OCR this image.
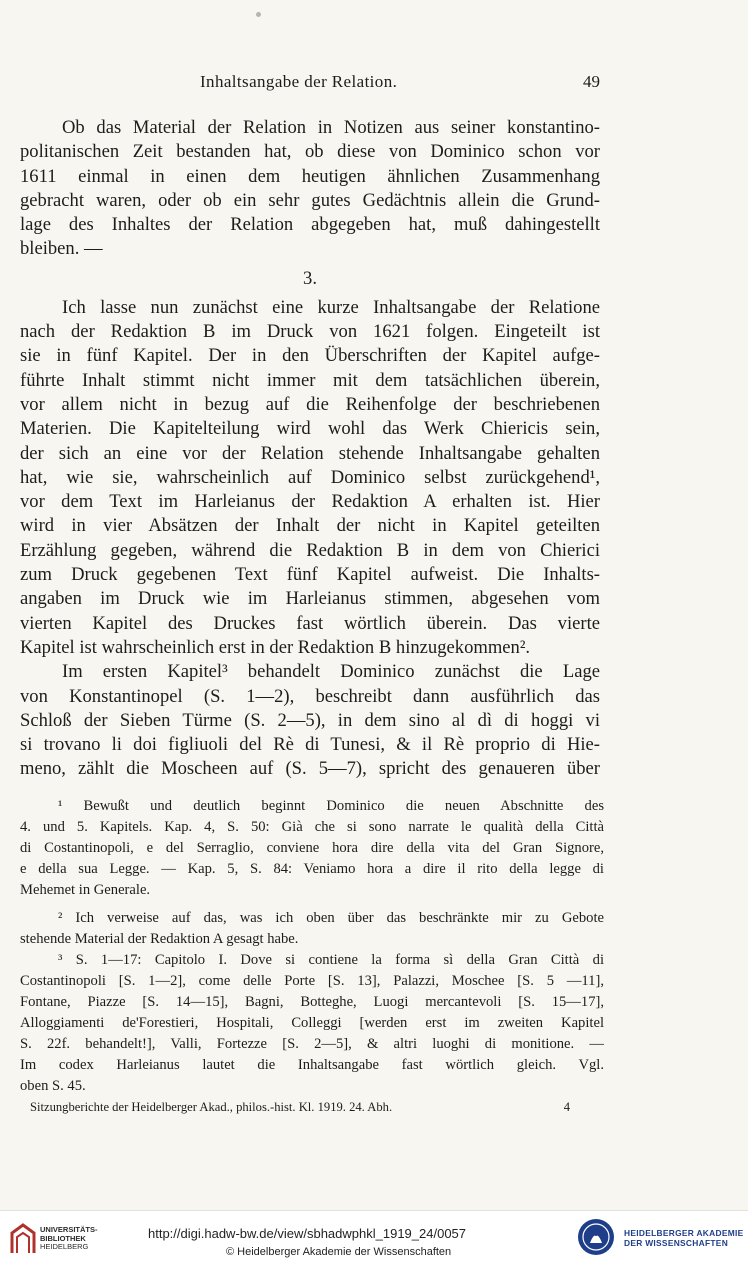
Inhaltsangabe der Relation.	49
Ob das Material der Relation in Notizen aus seiner konstantino-
politanischen Zeit bestanden hat, ob diese von Dominico schon vor
1611 einmal in einen dem heutigen ähnlichen Zusammenhang
gebracht waren, oder ob ein sehr gutes Gedächtnis allein die Grund-
lage des Inhaltes der Relation abgegeben hat, muß dahingestellt
bleiben. —
3.
Ich lasse nun zunächst eine kurze Inhaltsangabe der Relatione
nach der Redaktion B im Druck von 1621 folgen. Eingeteilt ist
sie in fünf Kapitel. Der in den Überschriften der Kapitel aufge-
führte Inhalt stimmt nicht immer mit dem tatsächlichen überein,
vor allem nicht in bezug auf die Reihenfolge der beschriebenen
Materien. Die Kapitelteilung wird wohl das Werk Chiericis sein,
der sich an eine vor der Relation stehende Inhaltsangabe gehalten
hat, wie sie, wahrscheinlich auf Dominico selbst zurückgehend¹,
vor dem Text im Harleianus der Redaktion A erhalten ist. Hier
wird in vier Absätzen der Inhalt der nicht in Kapitel geteilten
Erzählung gegeben, während die Redaktion B in dem von Chierici
zum Druck gegebenen Text fünf Kapitel aufweist. Die Inhalts-
angaben im Druck wie im Harleianus stimmen, abgesehen vom
vierten Kapitel des Druckes fast wörtlich überein. Das vierte
Kapitel ist wahrscheinlich erst in der Redaktion B hinzugekommen².
Im ersten Kapitel³ behandelt Dominico zunächst die Lage
von Konstantinopel (S. 1—2), beschreibt dann ausführlich das
Schloß der Sieben Türme (S. 2—5), in dem sino al dì di hoggi vi
si trovano li doi figliuoli del Rè di Tunesi, & il Rè proprio di Hie-
meno, zählt die Moscheen auf (S. 5—7), spricht des genaueren über
¹ Bewußt und deutlich beginnt Dominico die neuen Abschnitte des
4. und 5. Kapitels. Kap. 4, S. 50: Già che si sono narrate le qualità della Città
di Costantinopoli, e del Serraglio, conviene hora dire della vita del Gran Signore,
e della sua Legge. — Kap. 5, S. 84: Veniamo hora a dire il rito della legge di
Mehemet in Generale.
² Ich verweise auf das, was ich oben über das beschränkte mir zu Gebote
stehende Material der Redaktion A gesagt habe.
³ S. 1—17: Capitolo I. Dove si contiene la forma sì della Gran Città di
Costantinopoli [S. 1—2], come delle Porte [S. 13], Palazzi, Moschee [S. 5 —11],
Fontane, Piazze [S. 14—15], Bagni, Botteghe, Luogi mercantevoli [S. 15—17],
Alloggiamenti de'Forestieri, Hospitali, Colleggi [werden erst im zweiten Kapitel
S. 22f. behandelt!], Valli, Fortezze [S. 2—5], & altri luoghi di monitione. —
Im codex Harleianus lautet die Inhaltsangabe fast wörtlich gleich. Vgl.
oben S. 45.
Sitzungberichte der Heidelberger Akad., philos.-hist. Kl. 1919. 24. Abh.	4
UNIVERSITÄTS-
BIBLIOTHEK
HEIDELBERG
http://digi.hadw-bw.de/view/sbhadwphkl_1919_24/0057
© Heidelberger Akademie der Wissenschaften
HEIDELBERGER AKADEMIE
DER WISSENSCHAFTEN
